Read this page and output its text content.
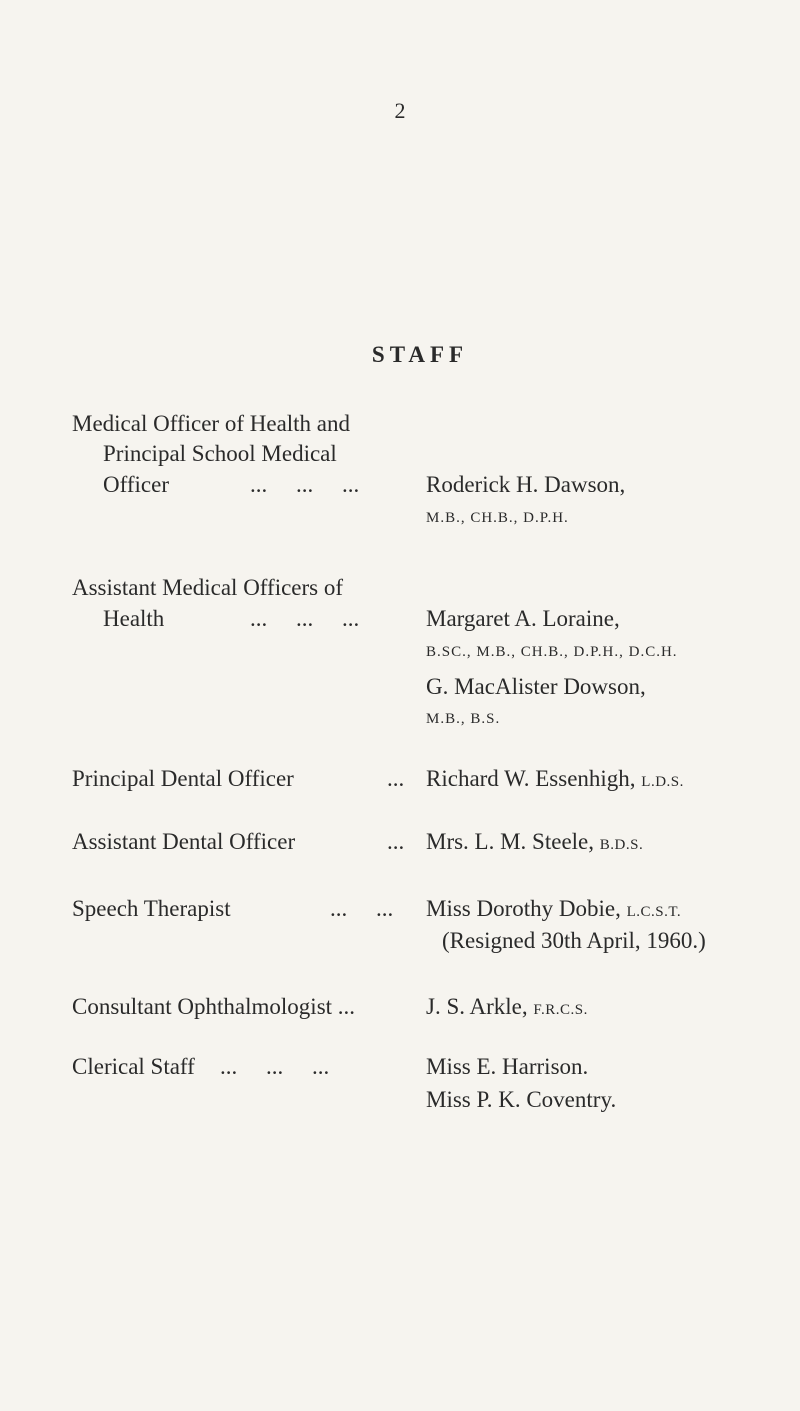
2
STAFF
Medical Officer of Health and
Principal School Medical
Officer	...     ...     ...	Roderick H. Dawson,
M.B., CH.B., D.P.H.
Assistant Medical Officers of
Health	...     ...     ...	Margaret A. Loraine,
B.SC., M.B., CH.B., D.P.H., D.C.H.
G. MacAlister Dowson,
M.B., B.S.
Principal Dental Officer	... Richard W. Essenhigh, L.D.S.
Assistant Dental Officer	... Mrs. L. M. Steele, B.D.S.
Speech Therapist	...     ... Miss Dorothy Dobie, L.C.S.T.
(Resigned 30th April, 1960.)
Consultant Ophthalmologist ...	J. S. Arkle, F.R.C.S.
Clerical Staff ...     ...     ...	Miss E. Harrison.
Miss P. K. Coventry.
